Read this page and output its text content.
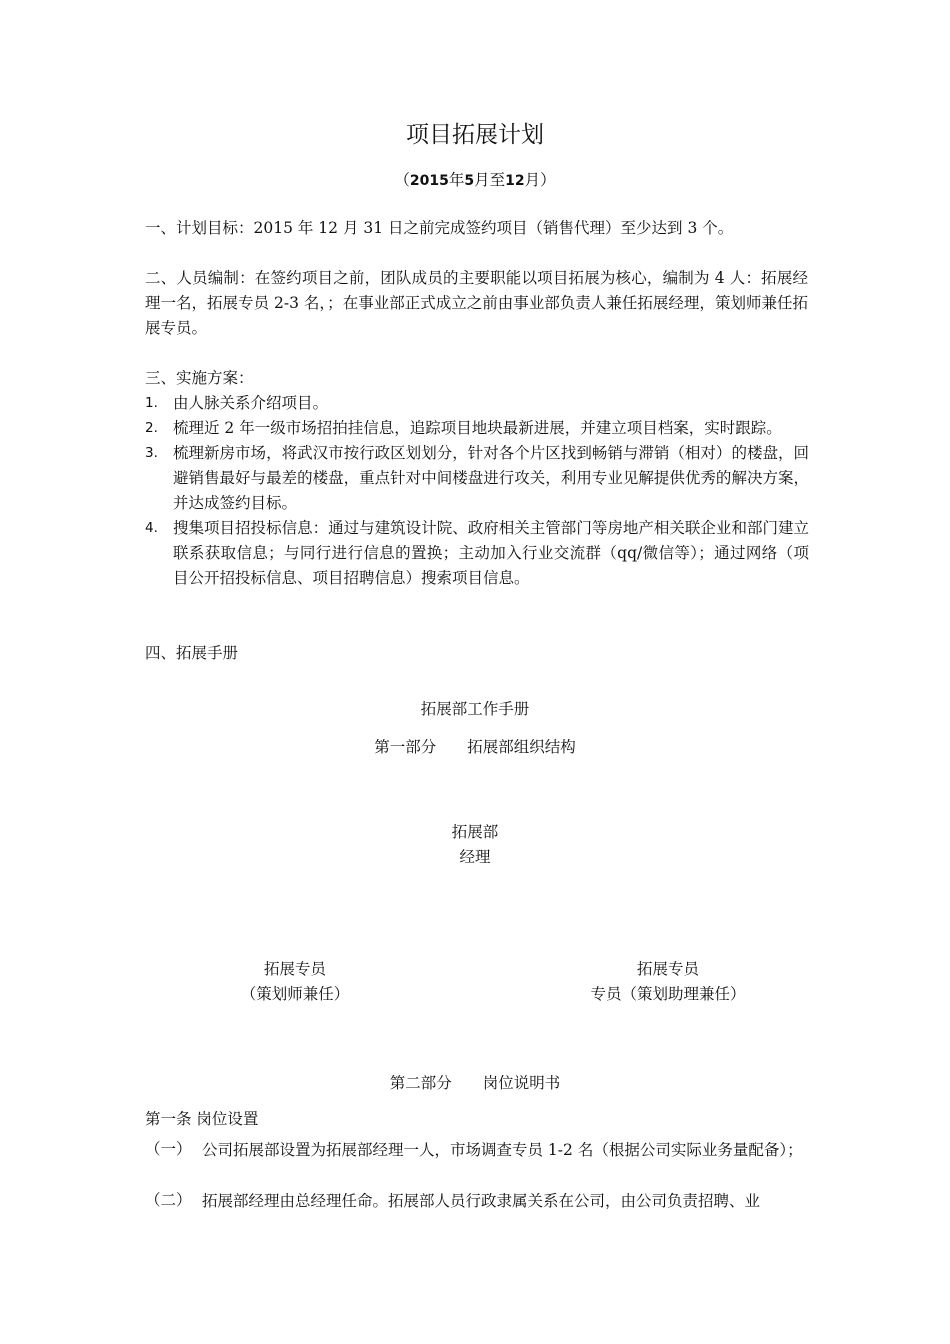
项目拓展计划
（2015年5月至12月）
一、计划目标：2015 年 12 月 31 日之前完成签约项目（销售代理）至少达到 3 个。
二、人员编制：在签约项目之前，团队成员的主要职能以项目拓展为核心，编制为 4 人：拓展经理一名，拓展专员 2-3 名，；在事业部正式成立之前由事业部负责人兼任拓展经理，策划师兼任拓展专员。
三、实施方案：
1. 由人脉关系介绍项目。
2. 梳理近 2 年一级市场招拍挂信息，追踪项目地块最新进展，并建立项目档案，实时跟踪。
3. 梳理新房市场，将武汉市按行政区划划分，针对各个片区找到畅销与滞销（相对）的楼盘，回避销售最好与最差的楼盘，重点针对中间楼盘进行攻关，利用专业见解提供优秀的解决方案，并达成签约目标。
4. 搜集项目招投标信息：通过与建筑设计院、政府相关主管部门等房地产相关联企业和部门建立联系获取信息；与同行进行信息的置换；主动加入行业交流群（qq/微信等）；通过网络（项目公开招投标信息、项目招聘信息）搜索项目信息。
四、拓展手册
拓展部工作手册
第一部分　　拓展部组织结构
拓展部
经理
拓展专员
（策划师兼任）
拓展专员
专员（策划助理兼任）
第二部分　　岗位说明书
第一条 岗位设置
（一） 公司拓展部设置为拓展部经理一人，市场调查专员 1-2 名（根据公司实际业务量配备）；
（二） 拓展部经理由总经理任命。拓展部人员行政隶属关系在公司，由公司负责招聘、业
